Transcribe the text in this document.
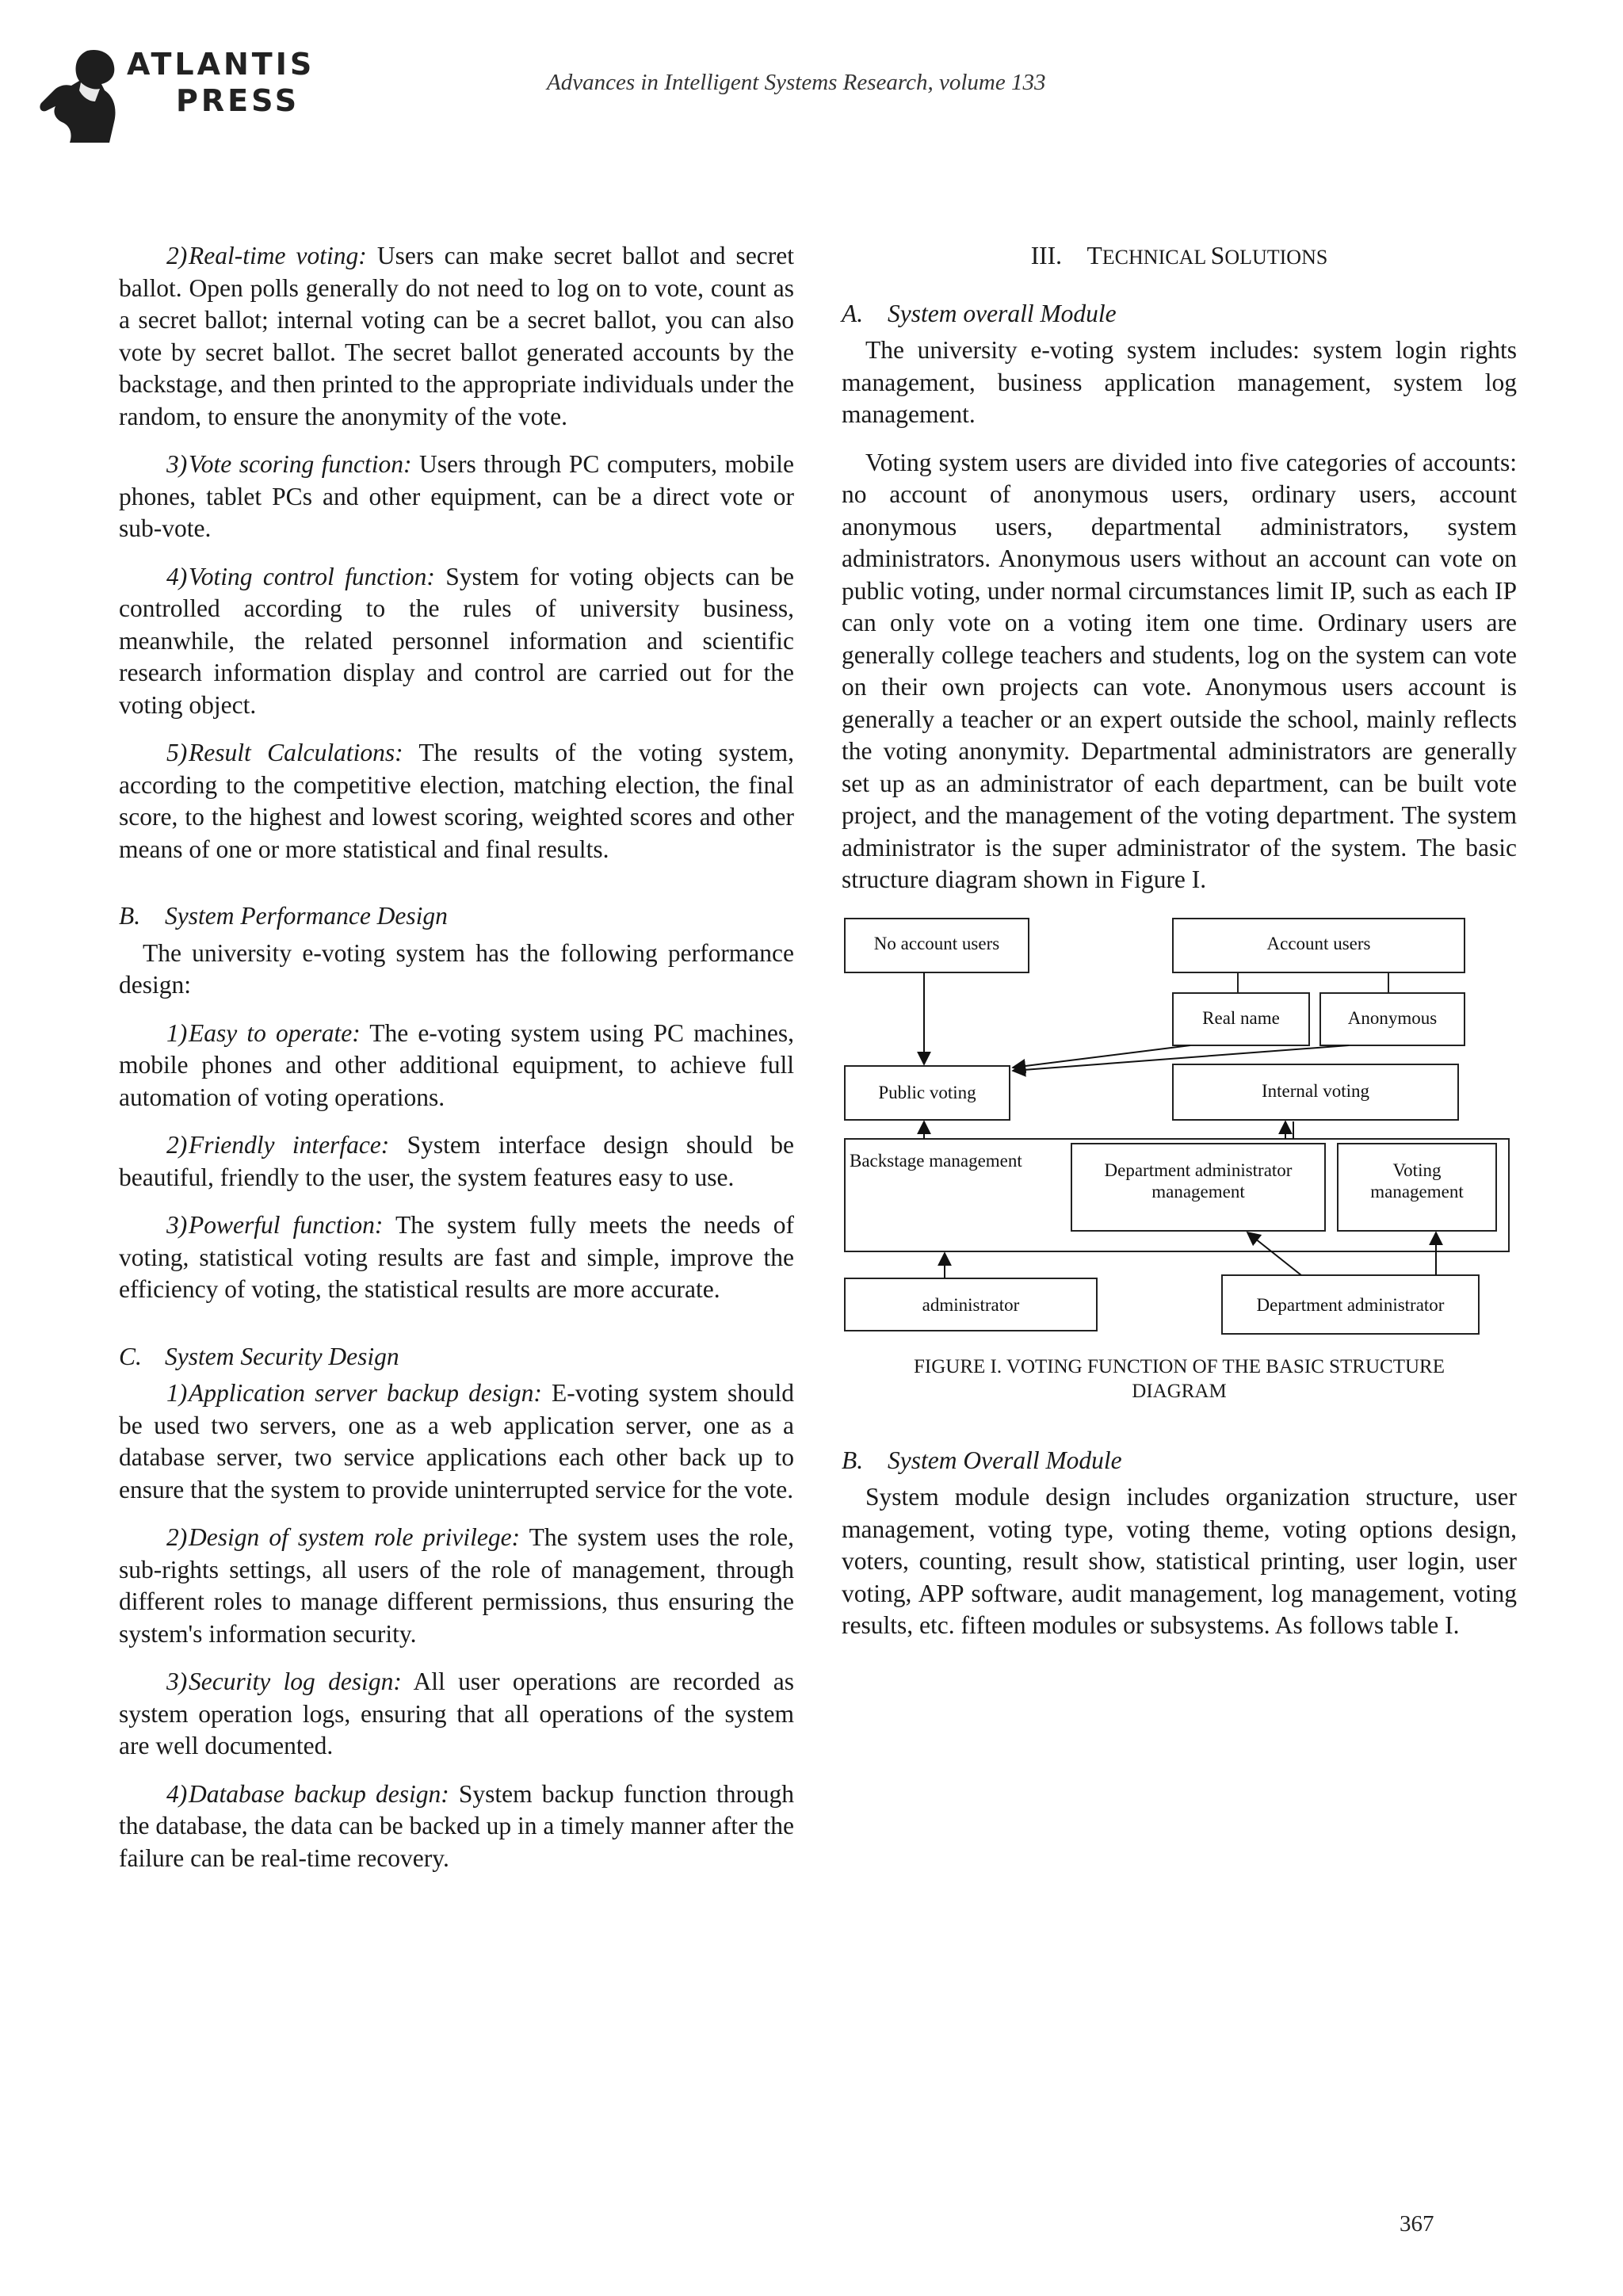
ATLANTIS
PRESS
Advances in Intelligent Systems Research, volume 133

2)Real-time voting: Users can make secret ballot and secret ballot. Open polls generally do not need to log on to vote, count as a secret ballot; internal voting can be a secret ballot, you can also vote by secret ballot. The secret ballot generated accounts by the backstage, and then printed to the appropriate individuals under the random, to ensure the anonymity of the vote.

3)Vote scoring function: Users through PC computers, mobile phones, tablet PCs and other equipment, can be a direct vote or sub-vote.

4)Voting control function: System for voting objects can be controlled according to the rules of university business, meanwhile, the related personnel information and scientific research information display and control are carried out for the voting object.

5)Result Calculations: The results of the voting system, according to the competitive election, matching election, the final score, to the highest and lowest scoring, weighted scores and other means of one or more statistical and final results.

B. System Performance Design

The university e-voting system has the following performance design:

1)Easy to operate: The e-voting system using PC machines, mobile phones and other additional equipment, to achieve full automation of voting operations.

2)Friendly interface: System interface design should be beautiful, friendly to the user, the system features easy to use.

3)Powerful function: The system fully meets the needs of voting, statistical voting results are fast and simple, improve the efficiency of voting, the statistical results are more accurate.

C. System Security Design

1)Application server backup design: E-voting system should be used two servers, one as a web application server, one as a database server, two service applications each other back up to ensure that the system to provide uninterrupted service for the vote.

2)Design of system role privilege: The system uses the role, sub-rights settings, all users of the role of management, through different roles to manage different permissions, thus ensuring the system's information security.

3)Security log design: All user operations are recorded as system operation logs, ensuring that all operations of the system are well documented.

4)Database backup design: System backup function through the database, the data can be backed up in a timely manner after the failure can be real-time recovery.

III. TECHNICAL SOLUTIONS

A. System overall Module

The university e-voting system includes: system login rights management, business application management, system log management.

Voting system users are divided into five categories of accounts: no account of anonymous users, ordinary users, account anonymous users, departmental administrators, system administrators. Anonymous users without an account can vote on public voting, under normal circumstances limit IP, such as each IP can only vote on a voting item one time. Ordinary users are generally college teachers and students, log on the system can vote on their own projects can vote. Anonymous users account is generally a teacher or an expert outside the school, mainly reflects the voting anonymity. Departmental administrators are generally set up as an administrator of each department, can be built vote project, and the management of the voting department. The system administrator is the super administrator of the system. The basic structure diagram shown in Figure I.

No account users	Account users
Real name	Anonymous
Public voting	Internal voting
Backstage management	Department administrator
management
Voting
management
administrator	Department administrator
FIGURE I. VOTING FUNCTION OF THE BASIC STRUCTURE
DIAGRAM

B. System Overall Module

System module design includes organization structure, user management, voting type, voting theme, voting options design, voters, counting, result show, statistical printing, user login, user voting, APP software, audit management, log management, voting results, etc. fifteen modules or subsystems. As follows table I.

367
